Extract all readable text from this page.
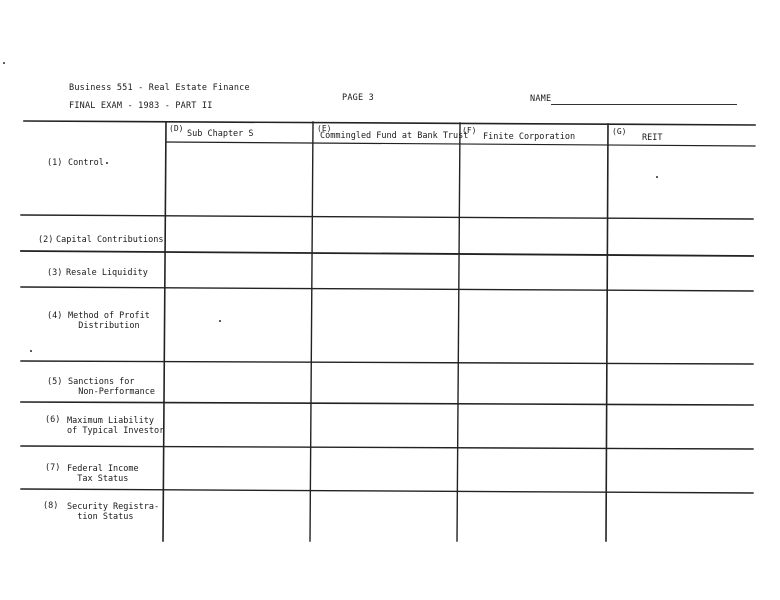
Business 551 - Real Estate Finance
FINAL EXAM - 1983 - PART II
PAGE 3	NAME
(D)
Sub Chapter S
(E)
Commingled Fund at Bank Trust
(F)
Finite Corporation
(G)
REIT
(1) Control
(2) Capital Contributions
(3) Resale Liquidity
(4) Method of Profit
Distribution
(5) Sanctions for
Non-Performance
(6) Maximum Liability
of Typical Investor
(7) Federal Income
Tax Status
(8) Security Registra-
tion Status
